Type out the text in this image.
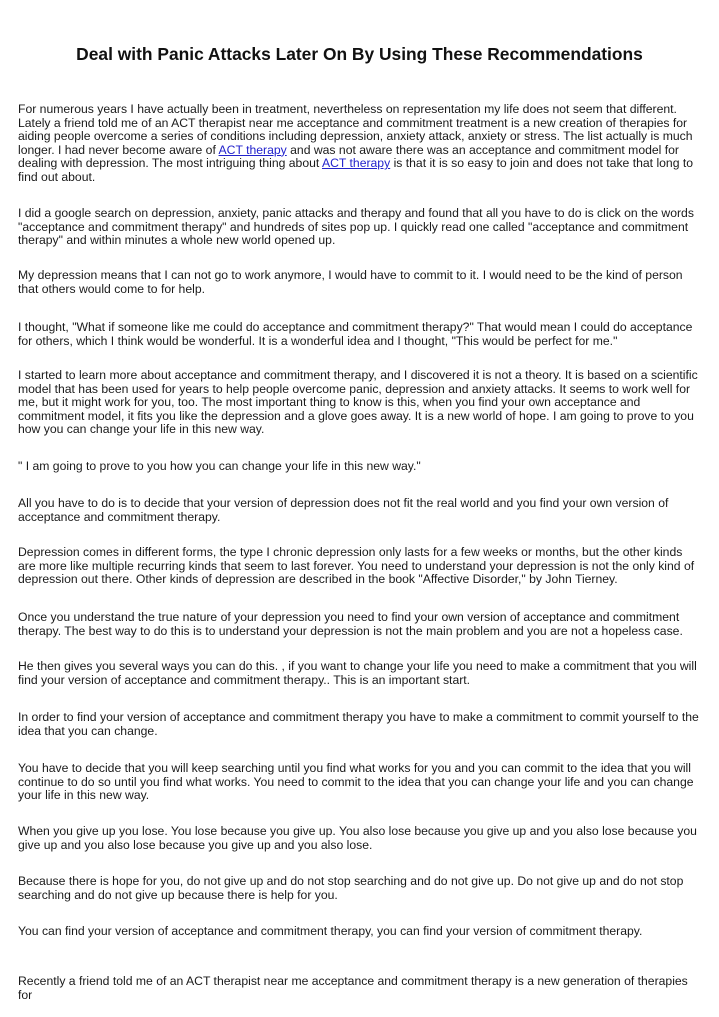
Deal with Panic Attacks Later On By Using These Recommendations

For numerous years I have actually been in treatment, nevertheless on representation my life does not seem that different. Lately a friend told me of an ACT therapist near me acceptance and commitment treatment is a new creation of therapies for aiding people overcome a series of conditions including depression, anxiety attack, anxiety or stress. The list actually is much longer. I had never become aware of ACT therapy and was not aware there was an acceptance and commitment model for dealing with depression. The most intriguing thing about ACT therapy is that it is so easy to join and does not take that long to find out about.

I did a google search on depression, anxiety, panic attacks and therapy and found that all you have to do is click on the words "acceptance and commitment therapy" and hundreds of sites pop up. I quickly read one called "acceptance and commitment therapy" and within minutes a whole new world opened up.

My depression means that I can not go to work anymore, I would have to commit to it. I would need to be the kind of person that others would come to for help.

I thought, "What if someone like me could do acceptance and commitment therapy?" That would mean I could do acceptance for others, which I think would be wonderful. It is a wonderful idea and I thought, "This would be perfect for me."

I started to learn more about acceptance and commitment therapy, and I discovered it is not a theory. It is based on a scientific model that has been used for years to help people overcome panic, depression and anxiety attacks. It seems to work well for me, but it might work for you, too. The most important thing to know is this, when you find your own acceptance and commitment model, it fits you like the depression and a glove goes away. It is a new world of hope. I am going to prove to you how you can change your life in this new way.

" I am going to prove to you how you can change your life in this new way."

All you have to do is to decide that your version of depression does not fit the real world and you find your own version of acceptance and commitment therapy.

Depression comes in different forms, the type I chronic depression only lasts for a few weeks or months, but the other kinds are more like multiple recurring kinds that seem to last forever. You need to understand your depression is not the only kind of depression out there. Other kinds of depression are described in the book "Affective Disorder," by John Tierney.

Once you understand the true nature of your depression you need to find your own version of acceptance and commitment therapy. The best way to do this is to understand your depression is not the main problem and you are not a hopeless case.

He then gives you several ways you can do this. , if you want to change your life you need to make a commitment that you will find your version of acceptance and commitment therapy.. This is an important start.

In order to find your version of acceptance and commitment therapy you have to make a commitment to commit yourself to the idea that you can change.

You have to decide that you will keep searching until you find what works for you and you can commit to the idea that you will continue to do so until you find what works. You need to commit to the idea that you can change your life and you can change your life in this new way.

When you give up you lose. You lose because you give up. You also lose because you give up and you also lose because you give up and you also lose because you give up and you also lose.

Because there is hope for you, do not give up and do not stop searching and do not give up. Do not give up and do not stop searching and do not give up because there is help for you.

You can find your version of acceptance and commitment therapy, you can find your version of commitment therapy.

Recently a friend told me of an ACT therapist near me acceptance and commitment therapy is a new generation of therapies for
